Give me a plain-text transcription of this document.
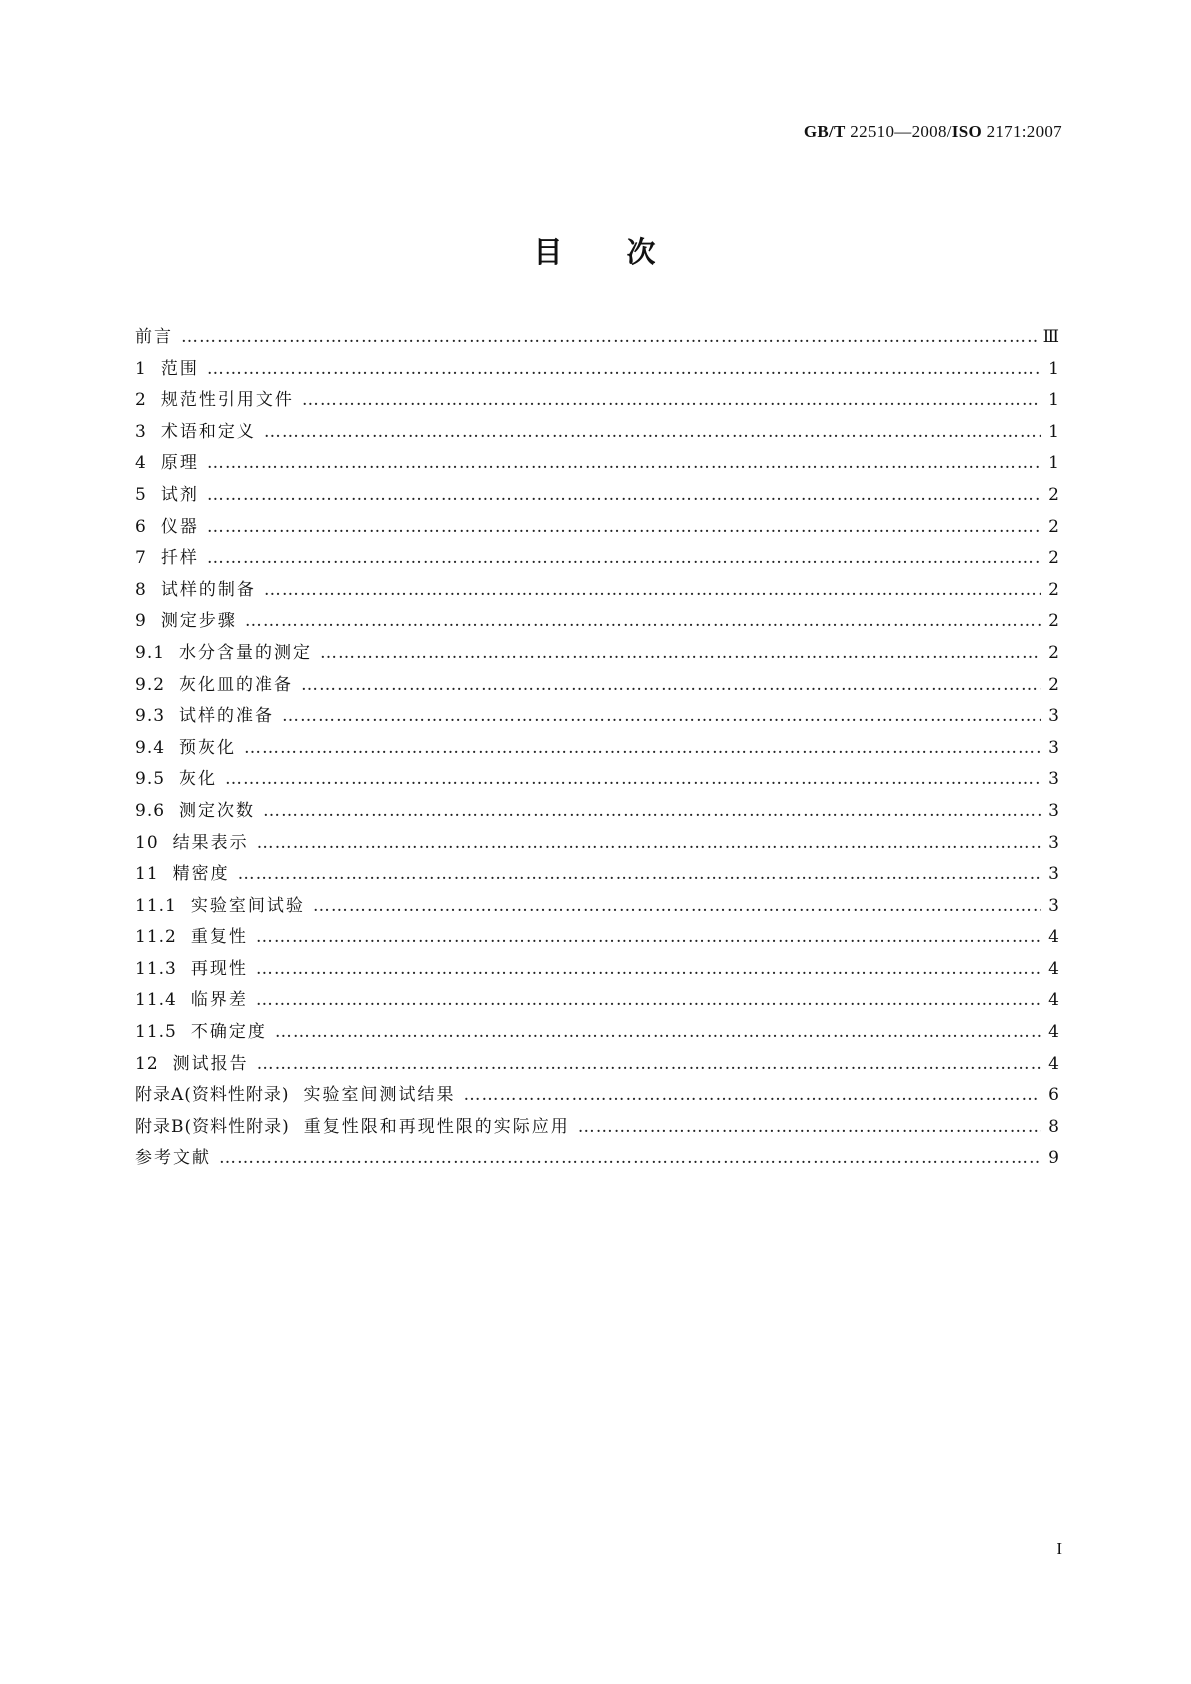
GB/T 22510—2008/ISO 2171:2007
目　　次
前言 …………………………………………………………………………………………………………………………………………………………………………………………………………………………………………	Ⅲ
1 范围 …………………………………………………………………………………………………………………………………………………………………………………………………………………………………………	1
2 规范性引用文件 …………………………………………………………………………………………………………………………………………………………………………………………………………………………………………	1
3 术语和定义 …………………………………………………………………………………………………………………………………………………………………………………………………………………………………………	1
4 原理 …………………………………………………………………………………………………………………………………………………………………………………………………………………………………………	1
5 试剂 …………………………………………………………………………………………………………………………………………………………………………………………………………………………………………	2
6 仪器 …………………………………………………………………………………………………………………………………………………………………………………………………………………………………………	2
7 扦样 …………………………………………………………………………………………………………………………………………………………………………………………………………………………………………	2
8 试样的制备 …………………………………………………………………………………………………………………………………………………………………………………………………………………………………………	2
9 测定步骤 …………………………………………………………………………………………………………………………………………………………………………………………………………………………………………	2
9.1 水分含量的测定 …………………………………………………………………………………………………………………………………………………………………………………………………………………………………………	2
9.2 灰化皿的准备 …………………………………………………………………………………………………………………………………………………………………………………………………………………………………………	2
9.3 试样的准备 …………………………………………………………………………………………………………………………………………………………………………………………………………………………………………	3
9.4 预灰化 …………………………………………………………………………………………………………………………………………………………………………………………………………………………………………	3
9.5 灰化 …………………………………………………………………………………………………………………………………………………………………………………………………………………………………………	3
9.6 测定次数 …………………………………………………………………………………………………………………………………………………………………………………………………………………………………………	3
10 结果表示 …………………………………………………………………………………………………………………………………………………………………………………………………………………………………………	3
11 精密度 …………………………………………………………………………………………………………………………………………………………………………………………………………………………………………	3
11.1 实验室间试验 …………………………………………………………………………………………………………………………………………………………………………………………………………………………………………	3
11.2 重复性 …………………………………………………………………………………………………………………………………………………………………………………………………………………………………………	4
11.3 再现性 …………………………………………………………………………………………………………………………………………………………………………………………………………………………………………	4
11.4 临界差 …………………………………………………………………………………………………………………………………………………………………………………………………………………………………………	4
11.5 不确定度 …………………………………………………………………………………………………………………………………………………………………………………………………………………………………………	4
12 测试报告 …………………………………………………………………………………………………………………………………………………………………………………………………………………………………………	4
附录A(资料性附录) 实验室间测试结果 …………………………………………………………………………………………………………………………………………………………………………………………………………………………………………	6
附录B(资料性附录) 重复性限和再现性限的实际应用 …………………………………………………………………………………………………………………………………………………………………………………………………………………………………………	8
参考文献 …………………………………………………………………………………………………………………………………………………………………………………………………………………………………………	9
I
